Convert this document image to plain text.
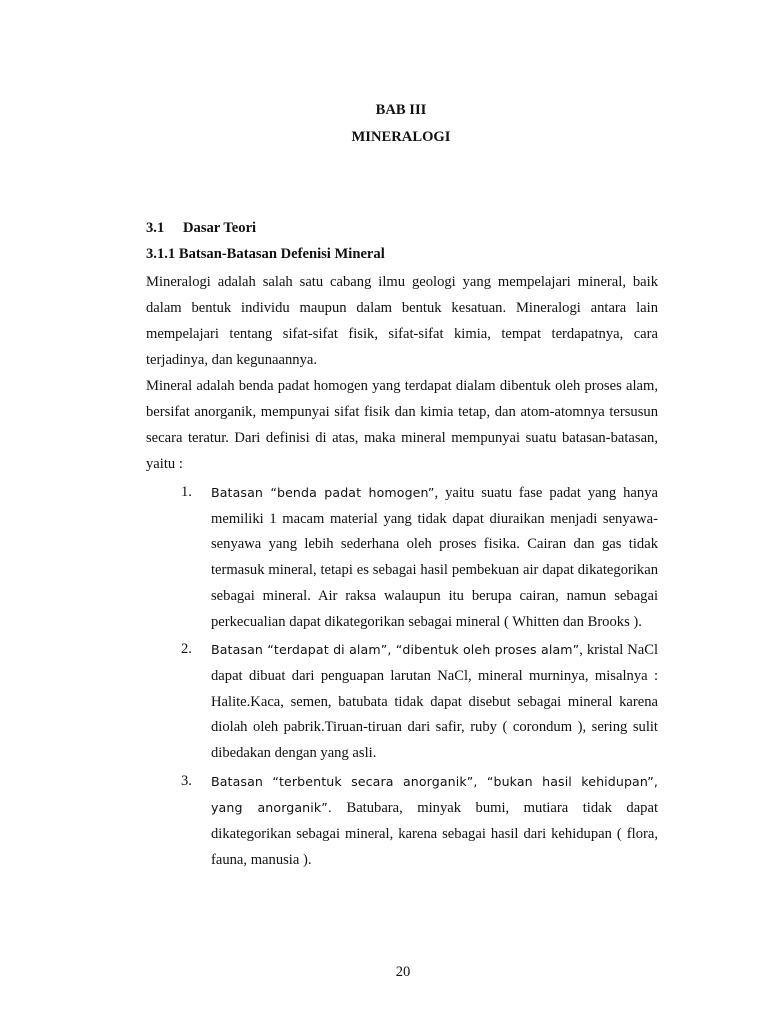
BAB III
MINERALOGI
3.1 Dasar Teori
3.1.1 Batsan-Batasan Defenisi Mineral
Mineralogi adalah salah satu cabang ilmu geologi yang mempelajari mineral, baik dalam bentuk individu maupun dalam bentuk kesatuan. Mineralogi antara lain mempelajari tentang sifat-sifat fisik, sifat-sifat kimia, tempat terdapatnya, cara terjadinya, dan kegunaannya.
Mineral adalah benda padat homogen yang terdapat dialam dibentuk oleh proses alam, bersifat anorganik, mempunyai sifat fisik dan kimia tetap, dan atom-atomnya tersusun secara teratur. Dari definisi di atas, maka mineral mempunyai suatu batasan-batasan, yaitu :
1. Batasan “benda padat homogen”, yaitu suatu fase padat yang hanya memiliki 1 macam material yang tidak dapat diuraikan menjadi senyawa-senyawa yang lebih sederhana oleh proses fisika. Cairan dan gas tidak termasuk mineral, tetapi es sebagai hasil pembekuan air dapat dikategorikan sebagai mineral. Air raksa walaupun itu berupa cairan, namun sebagai perkecualian dapat dikategorikan sebagai mineral ( Whitten dan Brooks ).
2. Batasan “terdapat di alam”, “dibentuk oleh proses alam”, kristal NaCl dapat dibuat dari penguapan larutan NaCl, mineral murninya, misalnya : Halite.Kaca, semen, batubata tidak dapat disebut sebagai mineral karena diolah oleh pabrik.Tiruan-tiruan dari safir, ruby ( corondum ), sering sulit dibedakan dengan yang asli.
3. Batasan “terbentuk secara anorganik”, “bukan hasil kehidupan”, yang anorganik”. Batubara, minyak bumi, mutiara tidak dapat dikategorikan sebagai mineral, karena sebagai hasil dari kehidupan ( flora, fauna, manusia ).
20
